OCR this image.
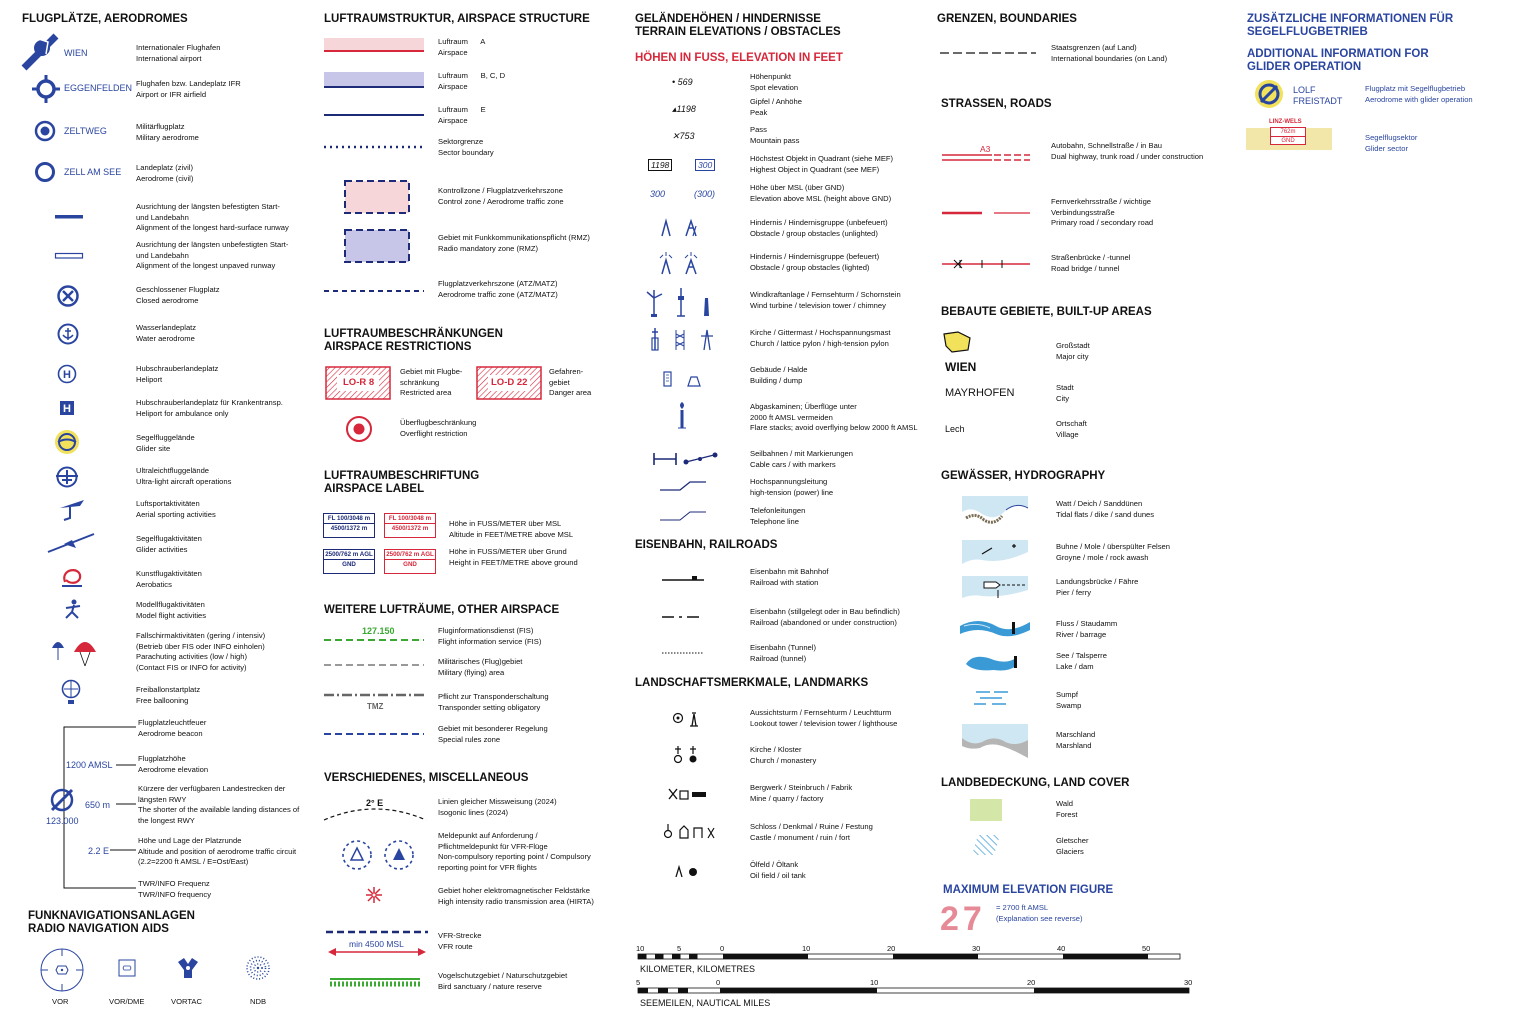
FLUGPLÄTZE, AERODROMES
WIEN
Internationaler Flughafen
International airport
EGGENFELDEN Flughafen bzw. Landeplatz IFR
Airport or IFR airfield
ZELTWEG	Militärflugplatz
Military aerodrome
ZELL AM SEE Landeplatz (zivil)
Aerodrome (civil)
Ausrichtung der längsten befestigten Start-
und Landebahn
Alignment of the longest hard-surface runway
Ausrichtung der längsten unbefestigten Start-
und Landebahn
Alignment of the longest unpaved runway
Geschlossener Flugplatz
Closed aerodrome
Wasserlandeplatz
Water aerodrome
H
Hubschrauberlandeplatz
Heliport
H
Hubschrauberlandeplatz für Krankentransp.
Heliport for ambulance only
Segelfluggelände
Glider site
Ultraleichtfluggelände
Ultra-light aircraft operations
Luftsportaktivitäten
Aerial sporting activities
Segelflugaktivitäten
Glider activities
Kunstflugaktivitäten
Aerobatics
Modellflugaktivitäten
Model flight activities
Fallschirmaktivitäten (gering / intensiv)
(Betrieb über FIS oder INFO einholen)
Parachuting activities (low / high)
(Contact FIS or INFO for activity)
Freiballonstartplatz
Free ballooning
1200 AMSL
650 m
123.000
2.2 E
Flugplatzleuchtfeuer
Aerodrome beacon
Flugplatzhöhe
Aerodrome elevation
Kürzere der verfügbaren Landestrecken der
längsten RWY
The shorter of the available landing distances of
the longest RWY
Höhe und Lage der Platzrunde
Altitude and position of aerodrome traffic circuit
(2.2=2200 ft AMSL / E=Ost/East)
TWR/INFO Frequenz
TWR/INFO frequency
FUNKNAVIGATIONSANLAGEN
RADIO NAVIGATION AIDS
VOR	VOR/DME	VORTAC	NDB
LUFTRAUMSTRUKTUR, AIRSPACE STRUCTURE
Luftraum      A
Airspace
Luftraum      B, C, D
Airspace
Luftraum      E
Airspace
Sektorgrenze
Sector boundary
Kontrollzone / Flugplatzverkehrszone
Control zone / Aerodrome traffic zone
Gebiet mit Funkkommunikationspflicht (RMZ)
Radio mandatory zone (RMZ)
Flugplatzverkehrszone (ATZ/MATZ)
Aerodrome traffic zone (ATZ/MATZ)
LUFTRAUMBESCHRÄNKUNGEN
AIRSPACE RESTRICTIONS
LO-R 8
Gebiet mit Flugbe-
schränkung
Restricted area
LO-D 22
Gefahren-
gebiet
Danger area
Überflugbeschränkung
Overflight restriction
LUFTRAUMBESCHRIFTUNG
AIRSPACE LABEL
FL 100/3048 m
4500/1372 m
FL 100/3048 m
4500/1372 m
Höhe in FUSS/METER über MSL
Altitude in FEET/METRE above MSL
2500/762 m AGL
GND
2500/762 m AGL
GND
Höhe in FUSS/METER über Grund
Height in FEET/METRE above ground
WEITERE LUFTRÄUME, OTHER AIRSPACE
127.150	Fluginformationsdienst (FIS)
Flight information service (FIS)
Militärisches (Flug)gebiet
Military (flying) area
TMZ
Pflicht zur Transponderschaltung
Transponder setting obligatory
Gebiet mit besonderer Regelung
Special rules zone
VERSCHIEDENES, MISCELLANEOUS
2° E	Linien gleicher Missweisung (2024)
Isogonic lines (2024)
Meldepunkt auf Anforderung /
Pflichtmeldepunkt für VFR-Flüge
Non-compulsory reporting point / Compulsory
reporting point for VFR flights
Gebiet hoher elektromagnetischer Feldstärke
High intensity radio transmission area (HIRTA)
min 4500 MSL
VFR-Strecke
VFR route
Vogelschutzgebiet / Naturschutzgebiet
Bird sanctuary / nature reserve
GELÄNDEHÖHEN / HINDERNISSE
TERRAIN ELEVATIONS / OBSTACLES
HÖHEN IN FUSS, ELEVATION IN FEET
• 569
Höhenpunkt
Spot elevation
▴1198
Gipfel / Anhöhe
Peak
✕753
Pass
Mountain pass
1198	300
Höchstest Objekt in Quadrant (siehe MEF)
Highest Object in Quadrant (see MEF)
300	(300)
Höhe über MSL (über GND)
Elevation above MSL (height above GND)
Hindernis / Hindernisgruppe (unbefeuert)
Obstacle / group obstacles (unlighted)
Hindernis / Hindernisgruppe (befeuert)
Obstacle / group obstacles (lighted)
Windkraftanlage / Fernsehturm / Schornstein
Wind turbine / television tower / chimney
Kirche / Gittermast / Hochspannungsmast
Church / lattice pylon / high-tension pylon
Gebäude / Halde
Building / dump
Abgaskaminen; Überflüge unter
2000 ft AMSL vermeiden
Flare stacks; avoid overflying below 2000 ft AMSL
Seilbahnen / mit Markierungen
Cable cars / with markers
Hochspannungsleitung
high-tension (power) line
Telefonleitungen
Telephone line
EISENBAHN, RAILROADS
Eisenbahn mit Bahnhof
Railroad with station
Eisenbahn (stillgelegt oder in Bau befindlich)
Railroad (abandoned or under construction)
Eisenbahn (Tunnel)
Railroad (tunnel)
LANDSCHAFTSMERKMALE, LANDMARKS
Aussichtsturm / Fernsehturm / Leuchtturm
Lookout tower / television tower / lighthouse
Kirche / Kloster
Church / monastery
Bergwerk / Steinbruch / Fabrik
Mine / quarry / factory
Schloss / Denkmal / Ruine / Festung
Castle / monument / ruin / fort
Ölfeld / Öltank
Oil field / oil tank
GRENZEN, BOUNDARIES
Staatsgrenzen (auf Land)
International boundaries (on Land)
STRASSEN, ROADS
A3	Autobahn, Schnellstraße / in Bau
Dual highway, trunk road / under construction
Fernverkehrsstraße / wichtige
Verbindungsstraße
Primary road / secondary road
Straßenbrücke / -tunnel
Road bridge / tunnel
BEBAUTE GEBIETE, BUILT-UP AREAS
WIEN
MAYRHOFEN
Lech
Großstadt
Major city
Stadt
City
Ortschaft
Village
GEWÄSSER, HYDROGRAPHY
Watt / Deich / Sanddünen
Tidal flats / dike / sand dunes
Buhne / Mole / überspülter Felsen
Groyne / mole / rock awash
Landungsbrücke / Fähre
Pier / ferry
Fluss / Staudamm
River / barrage
See / Talsperre
Lake / dam
Sumpf
Swamp
Marschland
Marshland
LANDBEDECKUNG, LAND COVER
Wald
Forest
Gletscher
Glaciers
MAXIMUM ELEVATION FIGURE
27 = 2700 ft AMSL
(Explanation see reverse)
ZUSÄTZLICHE INFORMATIONEN FÜR
SEGELFLUGBETRIEB
ADDITIONAL INFORMATION FOR
GLIDER OPERATION
LOLF
FREISTADT
Flugplatz mit Segelflugbetrieb
Aerodrome with glider operation
LINZ-WELS
762m
GND	Segelflugsektor
Glider sector
10	5	0	10	20	30	40	50
KILOMETER, KILOMETRES
5	0	10	20	30
SEEMEILEN, NAUTICAL MILES
